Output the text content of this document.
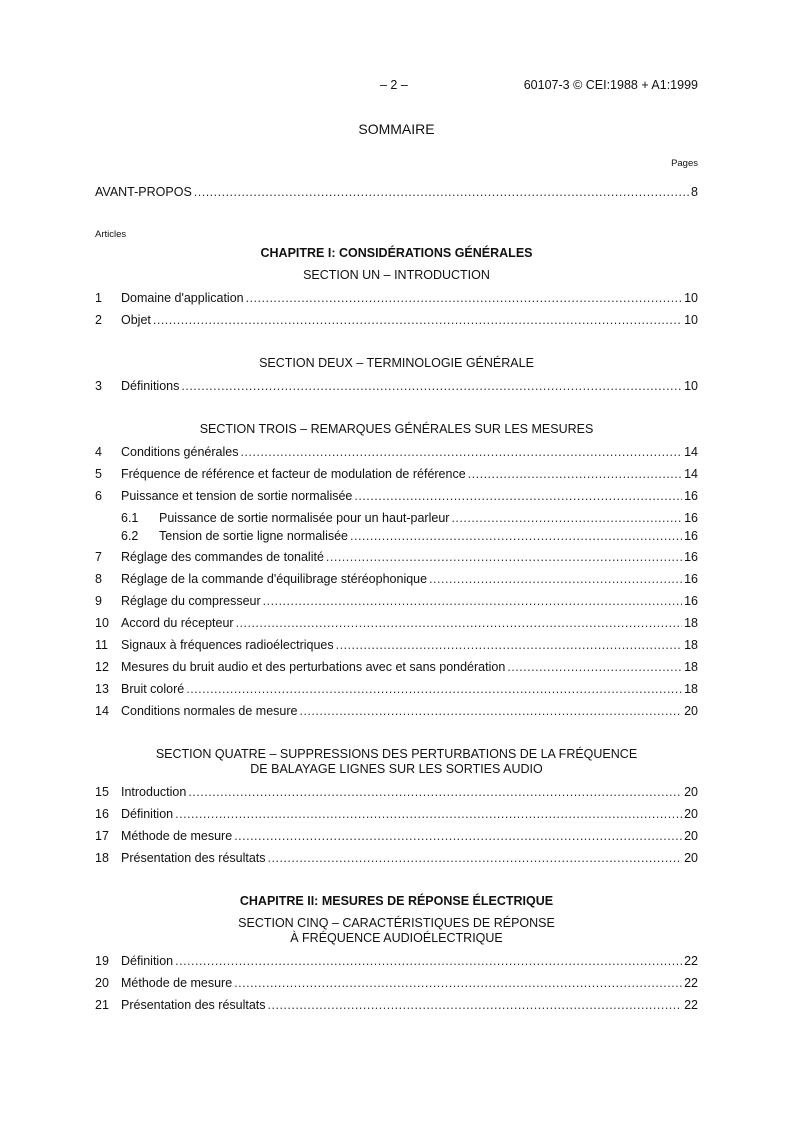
– 2 –	60107-3 © CEI:1988 + A1:1999
SOMMAIRE
Pages
AVANT-PROPOS .....	8
Articles
CHAPITRE I: CONSIDÉRATIONS GÉNÉRALES
SECTION UN – INTRODUCTION
1	Domaine d'application .....	10
2	Objet .....	10
SECTION DEUX – TERMINOLOGIE GÉNÉRALE
3	Définitions .....	10
SECTION TROIS – REMARQUES GÉNÉRALES SUR LES MESURES
4	Conditions générales .....	14
5	Fréquence de référence et facteur de modulation de référence .....	14
6	Puissance et tension de sortie normalisée .....	16
6.1	Puissance de sortie normalisée pour un haut-parleur .....	16
6.2	Tension de sortie ligne normalisée .....	16
7	Réglage des commandes de tonalité .....	16
8	Réglage de la commande d'équilibrage stéréophonique .....	16
9	Réglage du compresseur .....	16
10 Accord du récepteur .....	18
11	Signaux à fréquences radioélectriques .....	18
12 Mesures du bruit audio et des perturbations avec et sans pondération .....	18
13 Bruit coloré .....	18
14 Conditions normales de mesure .....	20
SECTION QUATRE – SUPPRESSIONS DES PERTURBATIONS DE LA FRÉQUENCE
DE BALAYAGE LIGNES SUR LES SORTIES AUDIO
15 Introduction .....	20
16 Définition .....	20
17 Méthode de mesure .....	20
18 Présentation des résultats .....	20
CHAPITRE II: MESURES DE RÉPONSE ÉLECTRIQUE
SECTION CINQ – CARACTÉRISTIQUES DE RÉPONSE
À FRÉQUENCE AUDIOÉLECTRIQUE
19 Définition .....	22
20 Méthode de mesure .....	22
21 Présentation des résultats .....	22
